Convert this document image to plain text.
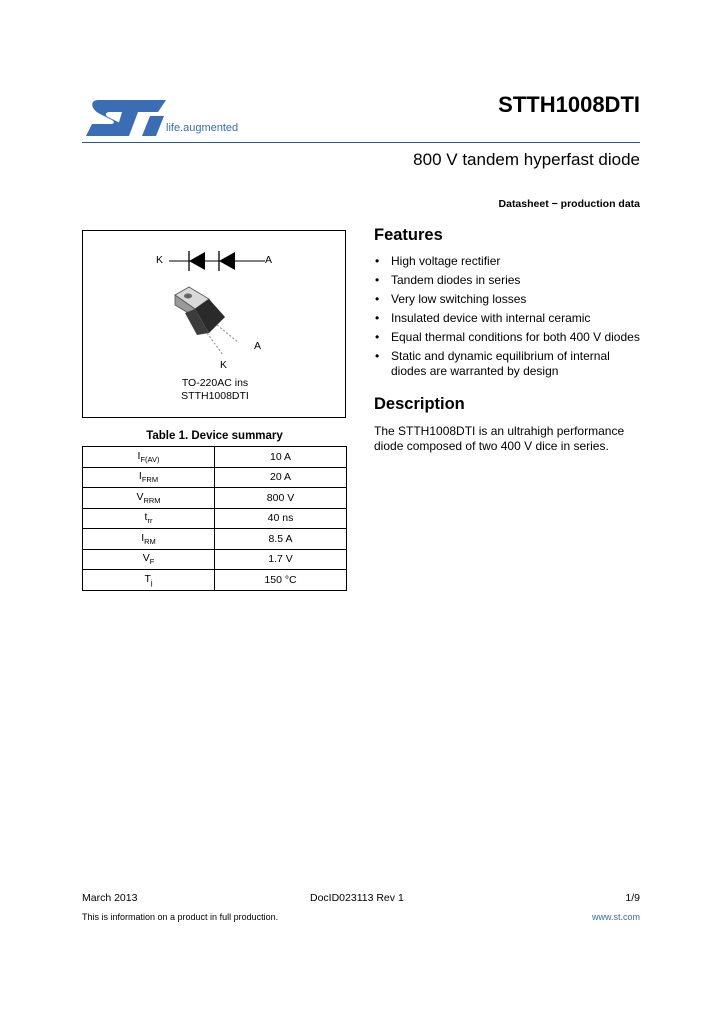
life.augmented
STTH1008DTI
800 V tandem hyperfast diode
Datasheet − production data
K	A
A
K
TO-220AC ins
STTH1008DTI
Table 1. Device summary
$I_{F(AV)}$	10 A
$I_{FRM}$	20 A
$V_{RRM}$	800 V
$t_{rr}$	40 ns
$I_{RM}$	8.5 A
$V_F$	1.7 V
$T_j$	150 °C
Features
• High voltage rectifier
• Tandem diodes in series
• Very low switching losses
• Insulated device with internal ceramic
• Equal thermal conditions for both 400 V diodes
• Static and dynamic equilibrium of internal diodes are warranted by design
Description
The STTH1008DTI is an ultrahigh performance diode composed of two 400 V dice in series.
March 2013	DocID023113 Rev 1	1/9
This is information on a product in full production.	www.st.com
